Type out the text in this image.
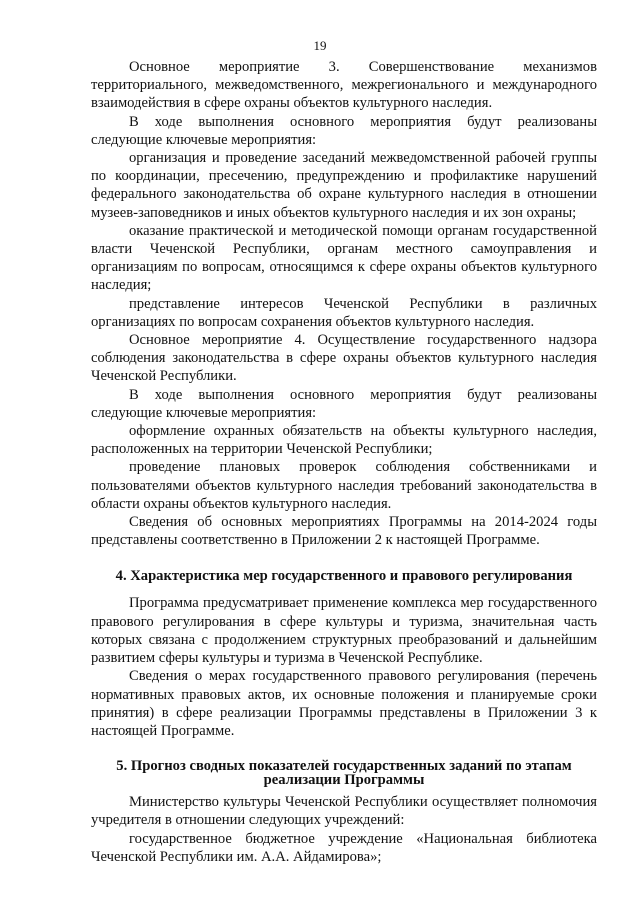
19

Основное мероприятие 3. Совершенствование механизмов территориального, межведомственного, межрегионального и международного взаимодействия в сфере охраны объектов культурного наследия.

В ходе выполнения основного мероприятия будут реализованы следующие ключевые мероприятия:

организация и проведение заседаний межведомственной рабочей группы по координации, пресечению, предупреждению и профилактике нарушений федерального законодательства об охране культурного наследия в отношении музеев-заповедников и иных объектов культурного наследия и их зон охраны;

оказание практической и методической помощи органам государственной власти Чеченской Республики, органам местного самоуправления и организациям по вопросам, относящимся к сфере охраны объектов культурного наследия;

представление интересов Чеченской Республики в различных организациях по вопросам сохранения объектов культурного наследия.

Основное мероприятие 4. Осуществление государственного надзора соблюдения законодательства в сфере охраны объектов культурного наследия Чеченской Республики.

В ходе выполнения основного мероприятия будут реализованы следующие ключевые мероприятия:

оформление охранных обязательств на объекты культурного наследия, расположенных на территории Чеченской Республики;

проведение плановых проверок соблюдения собственниками и пользователями объектов культурного наследия требований законодательства в области охраны объектов культурного наследия.

Сведения об основных мероприятиях Программы на 2014-2024 годы представлены соответственно в Приложении 2 к настоящей Программе.

4. Характеристика мер государственного и правового регулирования

Программа предусматривает применение комплекса мер государственного правового регулирования в сфере культуры и туризма, значительная часть которых связана с продолжением структурных преобразований и дальнейшим развитием сферы культуры и туризма в Чеченской Республике.

Сведения о мерах государственного правового регулирования (перечень нормативных правовых актов, их основные положения и планируемые сроки принятия) в сфере реализации Программы представлены в Приложении 3 к настоящей Программе.

5. Прогноз сводных показателей государственных заданий по этапам
реализации Программы

Министерство культуры Чеченской Республики осуществляет полномочия учредителя в отношении следующих учреждений:

государственное бюджетное учреждение «Национальная библиотека Чеченской Республики им. А.А. Айдамирова»;
